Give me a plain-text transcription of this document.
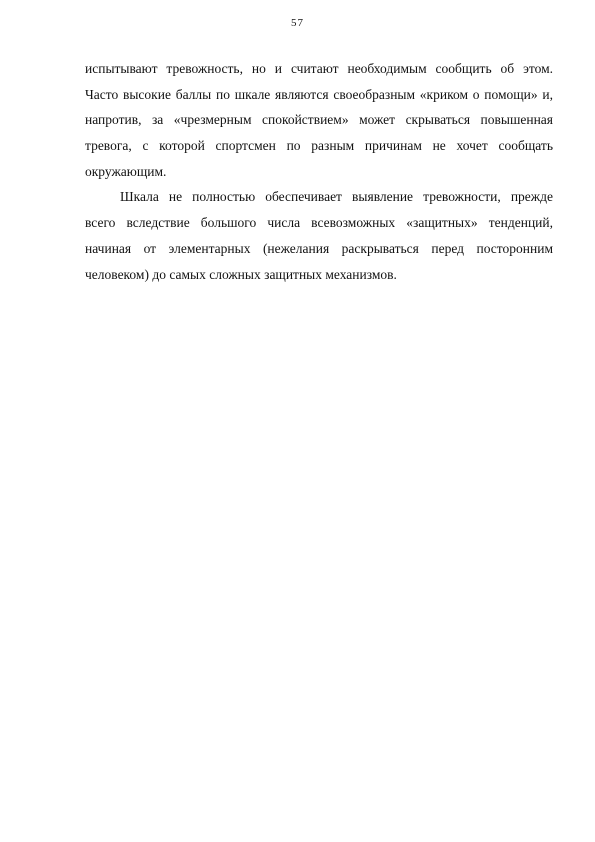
57
испытывают тревожность, но и считают необходимым сообщить об этом.
Часто высокие баллы по шкале являются своеобразным «криком о помощи» и,
напротив, за «чрезмерным спокойствием» может скрываться повышенная
тревога, с которой спортсмен по разным причинам не хочет сообщать
окружающим.
Шкала не полностью обеспечивает выявление тревожности, прежде
всего вследствие большого числа всевозможных «защитных» тенденций,
начиная от элементарных (нежелания раскрываться перед посторонним
человеком) до самых сложных защитных механизмов.
